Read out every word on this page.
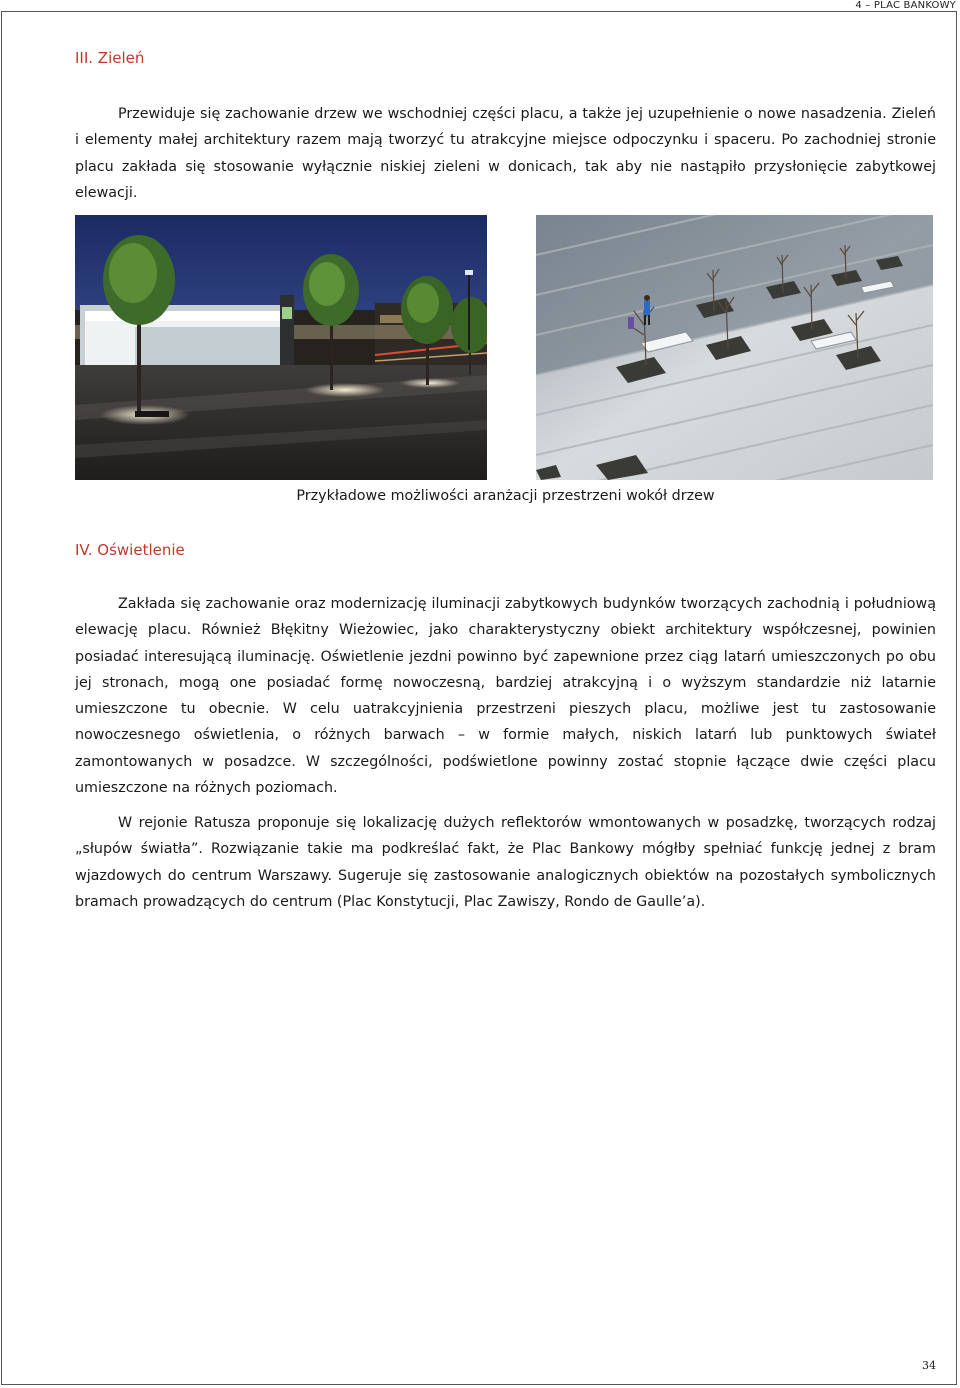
4 – PLAC BANKOWY
III. Zieleń

Przewiduje się zachowanie drzew we wschodniej części placu, a także jej uzupełnienie o nowe nasadzenia. Zieleń i elementy małej architektury razem mają tworzyć tu atrakcyjne miejsce odpoczynku i spaceru. Po zachodniej stronie placu zakłada się stosowanie wyłącznie niskiej zieleni w donicach, tak aby nie nastąpiło przysłonięcie zabytkowej elewacji.

Przykładowe możliwości aranżacji przestrzeni wokół drzew

IV. Oświetlenie

Zakłada się zachowanie oraz modernizację iluminacji zabytkowych budynków tworzących zachodnią i południową elewację placu. Również Błękitny Wieżowiec, jako charakterystyczny obiekt architektury współczesnej, powinien posiadać interesującą iluminację. Oświetlenie jezdni powinno być zapewnione przez ciąg latarń umieszczonych po obu jej stronach, mogą one posiadać formę nowoczesną, bardziej atrakcyjną i o wyższym standardzie niż latarnie umieszczone tu obecnie. W celu uatrakcyjnienia przestrzeni pieszych placu, możliwe jest tu zastosowanie nowoczesnego oświetlenia, o różnych barwach – w formie małych, niskich latarń lub punktowych świateł zamontowanych w posadzce. W szczególności, podświetlone powinny zostać stopnie łączące dwie części placu umieszczone na różnych poziomach.

W rejonie Ratusza proponuje się lokalizację dużych reflektorów wmontowanych w posadzkę, tworzących rodzaj „słupów światła”. Rozwiązanie takie ma podkreślać fakt, że Plac Bankowy mógłby spełniać funkcję jednej z bram wjazdowych do centrum Warszawy. Sugeruje się zastosowanie analogicznych obiektów na pozostałych symbolicznych bramach prowadzących do centrum (Plac Konstytucji, Plac Zawiszy, Rondo de Gaulle’a).

34
